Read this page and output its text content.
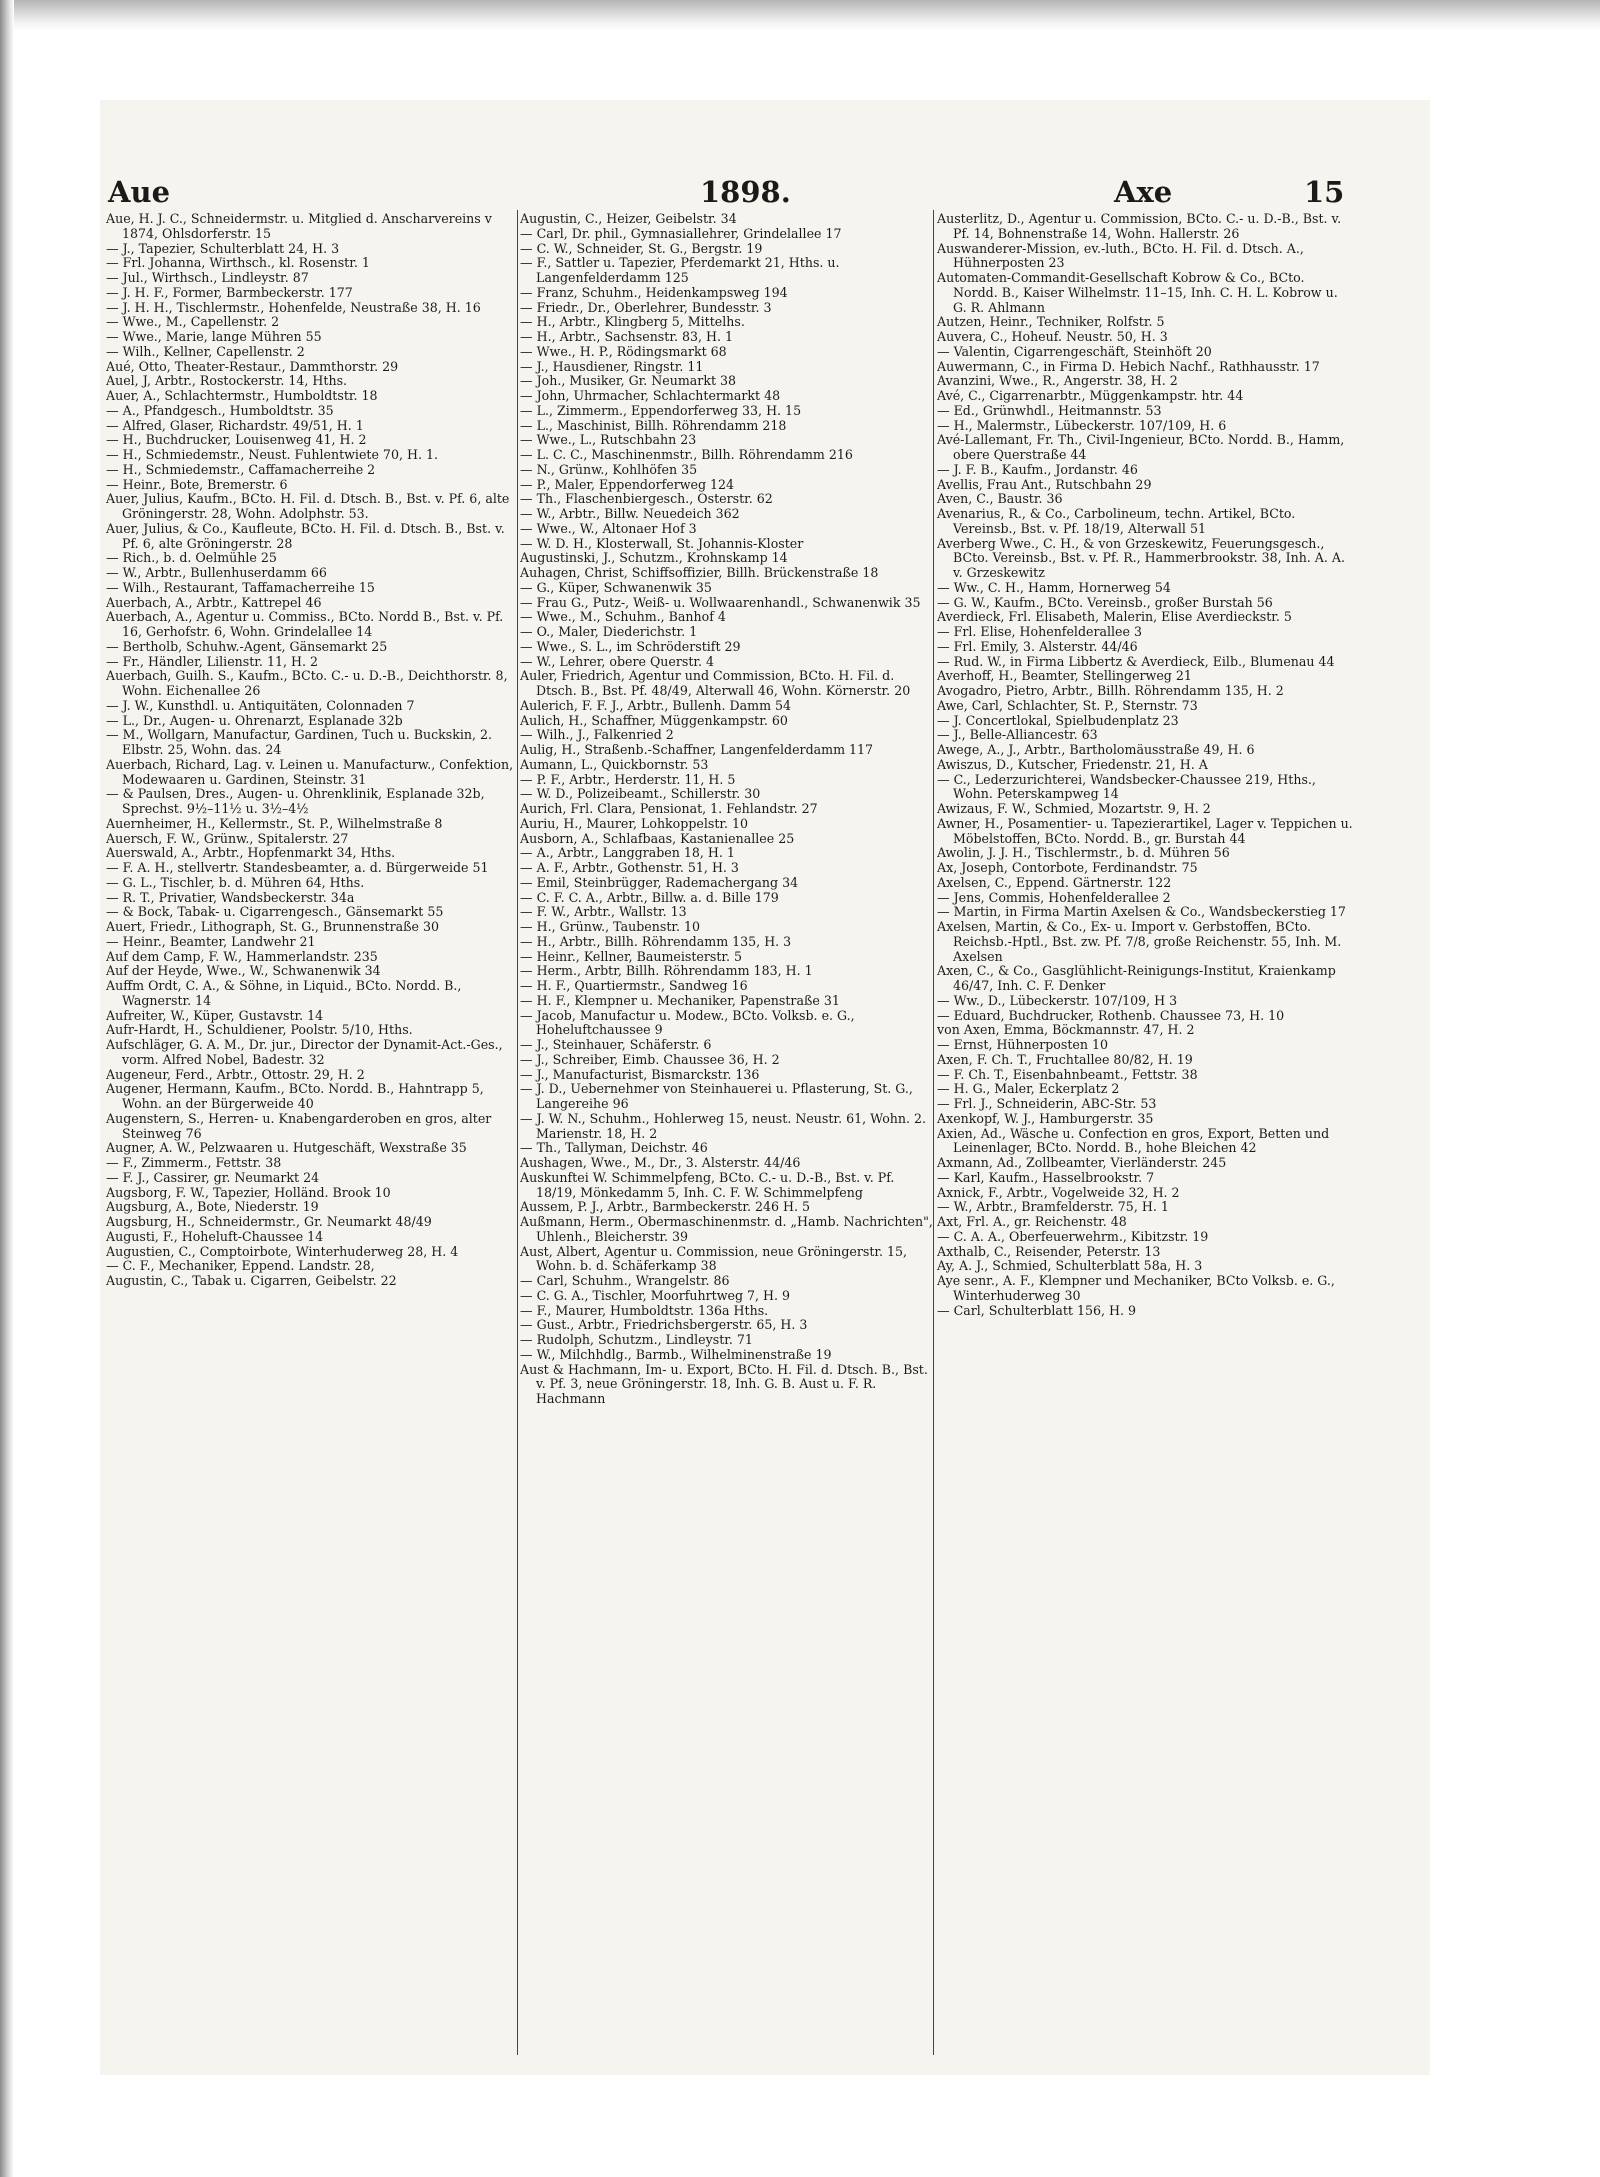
Aue	1898.	Axe	15
Aue, H. J. C., Schneidermstr. u. Mitglied d. Anscharvereins v 1874, Ohlsdorferstr. 15
— J., Tapezier, Schulterblatt 24, H. 3
— Frl. Johanna, Wirthsch., kl. Rosenstr. 1
— Jul., Wirthsch., Lindleystr. 87
— J. H. F., Former, Barmbeckerstr. 177
— J. H. H., Tischlermstr., Hohenfelde, Neustraße 38, H. 16
— Wwe., M., Capellenstr. 2
— Wwe., Marie, lange Mühren 55
— Wilh., Kellner, Capellenstr. 2
Aué, Otto, Theater-Restaur., Dammthorstr. 29
Auel, J, Arbtr., Rostockerstr. 14, Hths.
Auer, A., Schlachtermstr., Humboldtstr. 18
— A., Pfandgesch., Humboldtstr. 35
— Alfred, Glaser, Richardstr. 49/51, H. 1
— H., Buchdrucker, Louisenweg 41, H. 2
— H., Schmiedemstr., Neust. Fuhlentwiete 70, H. 1.
— H., Schmiedemstr., Caffamacherreihe 2
— Heinr., Bote, Bremerstr. 6
Auer, Julius, Kaufm., BCto. H. Fil. d. Dtsch. B., Bst. v. Pf. 6, alte Gröningerstr. 28, Wohn. Adolphstr. 53.
Auer, Julius, & Co., Kaufleute, BCto. H. Fil. d. Dtsch. B., Bst. v. Pf. 6, alte Gröningerstr. 28
— Rich., b. d. Oelmühle 25
— W., Arbtr., Bullenhuserdamm 66
— Wilh., Restaurant, Taffamacherreihe 15
Auerbach, A., Arbtr., Kattrepel 46
Auerbach, A., Agentur u. Commiss., BCto. Nordd B., Bst. v. Pf. 16, Gerhofstr. 6, Wohn. Grindelallee 14
— Bertholb, Schuhw.-Agent, Gänsemarkt 25
— Fr., Händler, Lilienstr. 11, H. 2
Auerbach, Guilh. S., Kaufm., BCto. C.- u. D.-B., Deichthorstr. 8, Wohn. Eichenallee 26
— J. W., Kunsthdl. u. Antiquitäten, Colonnaden 7
— L., Dr., Augen- u. Ohrenarzt, Esplanade 32b
— M., Wollgarn, Manufactur, Gardinen, Tuch u. Buckskin, 2. Elbstr. 25, Wohn. das. 24
Auerbach, Richard, Lag. v. Leinen u. Manufacturw., Confektion, Modewaaren u. Gardinen, Steinstr. 31
— & Paulsen, Dres., Augen- u. Ohrenklinik, Esplanade 32b, Sprechst. 9½–11½ u. 3½–4½
Auernheimer, H., Kellermstr., St. P., Wilhelmstraße 8
Auersch, F. W., Grünw., Spitalerstr. 27
Auerswald, A., Arbtr., Hopfenmarkt 34, Hths.
— F. A. H., stellvertr. Standesbeamter, a. d. Bürgerweide 51
— G. L., Tischler, b. d. Mühren 64, Hths.
— R. T., Privatier, Wandsbeckerstr. 34a
— & Bock, Tabak- u. Cigarrengesch., Gänsemarkt 55
Auert, Friedr., Lithograph, St. G., Brunnenstraße 30
— Heinr., Beamter, Landwehr 21
Auf dem Camp, F. W., Hammerlandstr. 235
Auf der Heyde, Wwe., W., Schwanenwik 34
Auffm Ordt, C. A., & Söhne, in Liquid., BCto. Nordd. B., Wagnerstr. 14
Aufreiter, W., Küper, Gustavstr. 14
Aufr-Hardt, H., Schuldiener, Poolstr. 5/10, Hths.
Aufschläger, G. A. M., Dr. jur., Director der Dynamit-Act.-Ges., vorm. Alfred Nobel, Badestr. 32
Augeneur, Ferd., Arbtr., Ottostr. 29, H. 2
Augener, Hermann, Kaufm., BCto. Nordd. B., Hahntrapp 5, Wohn. an der Bürgerweide 40
Augenstern, S., Herren- u. Knabengarderoben en gros, alter Steinweg 76
Augner, A. W., Pelzwaaren u. Hutgeschäft, Wexstraße 35
— F., Zimmerm., Fettstr. 38
— F. J., Cassirer, gr. Neumarkt 24
Augsborg, F. W., Tapezier, Holländ. Brook 10
Augsburg, A., Bote, Niederstr. 19
Augsburg, H., Schneidermstr., Gr. Neumarkt 48/49
Augusti, F., Hoheluft-Chaussee 14
Augustien, C., Comptoirbote, Winterhuderweg 28, H. 4
— C. F., Mechaniker, Eppend. Landstr. 28,
Augustin, C., Tabak u. Cigarren, Geibelstr. 22
Augustin, C., Heizer, Geibelstr. 34
— Carl, Dr. phil., Gymnasiallehrer, Grindelallee 17
— C. W., Schneider, St. G., Bergstr. 19
— F., Sattler u. Tapezier, Pferdemarkt 21, Hths. u. Langenfelderdamm 125
— Franz, Schuhm., Heidenkampsweg 194
— Friedr., Dr., Oberlehrer, Bundesstr. 3
— H., Arbtr., Klingberg 5, Mittelhs.
— H., Arbtr., Sachsenstr. 83, H. 1
— Wwe., H. P., Rödingsmarkt 68
— J., Hausdiener, Ringstr. 11
— Joh., Musiker, Gr. Neumarkt 38
— John, Uhrmacher, Schlachtermarkt 48
— L., Zimmerm., Eppendorferweg 33, H. 15
— L., Maschinist, Billh. Röhrendamm 218
— Wwe., L., Rutschbahn 23
— L. C. C., Maschinenmstr., Billh. Röhrendamm 216
— N., Grünw., Kohlhöfen 35
— P., Maler, Eppendorferweg 124
— Th., Flaschenbiergesch., Osterstr. 62
— W., Arbtr., Billw. Neuedeich 362
— Wwe., W., Altonaer Hof 3
— W. D. H., Klosterwall, St. Johannis-Kloster
Augustinski, J., Schutzm., Krohnskamp 14
Auhagen, Christ, Schiffsoffizier, Billh. Brückenstraße 18
— G., Küper, Schwanenwik 35
— Frau G., Putz-, Weiß- u. Wollwaarenhandl., Schwanenwik 35
— Wwe., M., Schuhm., Banhof 4
— O., Maler, Diederichstr. 1
— Wwe., S. L., im Schröderstift 29
— W., Lehrer, obere Querstr. 4
Auler, Friedrich, Agentur und Commission, BCto. H. Fil. d. Dtsch. B., Bst. Pf. 48/49, Alterwall 46, Wohn. Körnerstr. 20
Aulerich, F. F. J., Arbtr., Bullenh. Damm 54
Aulich, H., Schaffner, Müggenkampstr. 60
— Wilh., J., Falkenried 2
Aulig, H., Straßenb.-Schaffner, Langenfelderdamm 117
Aumann, L., Quickbornstr. 53
— P. F., Arbtr., Herderstr. 11, H. 5
— W. D., Polizeibeamt., Schillerstr. 30
Aurich, Frl. Clara, Pensionat, 1. Fehlandstr. 27
Auriu, H., Maurer, Lohkoppelstr. 10
Ausborn, A., Schlafbaas, Kastanienallee 25
— A., Arbtr., Langgraben 18, H. 1
— A. F., Arbtr., Gothenstr. 51, H. 3
— Emil, Steinbrügger, Rademachergang 34
— C. F. C. A., Arbtr., Billw. a. d. Bille 179
— F. W., Arbtr., Wallstr. 13
— H., Grünw., Taubenstr. 10
— H., Arbtr., Billh. Röhrendamm 135, H. 3
— Heinr., Kellner, Baumeisterstr. 5
— Herm., Arbtr, Billh. Röhrendamm 183, H. 1
— H. F., Quartiermstr., Sandweg 16
— H. F., Klempner u. Mechaniker, Papenstraße 31
— Jacob, Manufactur u. Modew., BCto. Volksb. e. G., Hoheluftchaussee 9
— J., Steinhauer, Schäferstr. 6
— J., Schreiber, Eimb. Chaussee 36, H. 2
— J., Manufacturist, Bismarckstr. 136
— J. D., Uebernehmer von Steinhauerei u. Pflasterung, St. G., Langereihe 96
— J. W. N., Schuhm., Hohlerweg 15, neust. Neustr. 61, Wohn. 2. Marienstr. 18, H. 2
— Th., Tallyman, Deichstr. 46
Aushagen, Wwe., M., Dr., 3. Alsterstr. 44/46
Auskunftei W. Schimmelpfeng, BCto. C.- u. D.-B., Bst. v. Pf. 18/19, Mönkedamm 5, Inh. C. F. W. Schimmelpfeng
Aussem, P. J., Arbtr., Barmbeckerstr. 246 H. 5
Außmann, Herm., Obermaschinenmstr. d. „Hamb. Nachrichten", Uhlenh., Bleicherstr. 39
Aust, Albert, Agentur u. Commission, neue Gröningerstr. 15, Wohn. b. d. Schäferkamp 38
— Carl, Schuhm., Wrangelstr. 86
— C. G. A., Tischler, Moorfuhrtweg 7, H. 9
— F., Maurer, Humboldtstr. 136a Hths.
— Gust., Arbtr., Friedrichsbergerstr. 65, H. 3
— Rudolph, Schutzm., Lindleystr. 71
— W., Milchhdlg., Barmb., Wilhelminenstraße 19
Aust & Hachmann, Im- u. Export, BCto. H. Fil. d. Dtsch. B., Bst. v. Pf. 3, neue Gröningerstr. 18, Inh. G. B. Aust u. F. R. Hachmann
Austerlitz, D., Agentur u. Commission, BCto. C.- u. D.-B., Bst. v. Pf. 14, Bohnenstraße 14, Wohn. Hallerstr. 26
Auswanderer-Mission, ev.-luth., BCto. H. Fil. d. Dtsch. A., Hühnerposten 23
Automaten-Commandit-Gesellschaft Kobrow & Co., BCto. Nordd. B., Kaiser Wilhelmstr. 11–15, Inh. C. H. L. Kobrow u. G. R. Ahlmann
Autzen, Heinr., Techniker, Rolfstr. 5
Auvera, C., Hoheuf. Neustr. 50, H. 3
— Valentin, Cigarrengeschäft, Steinhöft 20
Auwermann, C., in Firma D. Hebich Nachf., Rathhausstr. 17
Avanzini, Wwe., R., Angerstr. 38, H. 2
Avé, C., Cigarrenarbtr., Müggenkampstr. htr. 44
— Ed., Grünwhdl., Heitmannstr. 53
— H., Malermstr., Lübeckerstr. 107/109, H. 6
Avé-Lallemant, Fr. Th., Civil-Ingenieur, BCto. Nordd. B., Hamm, obere Querstraße 44
— J. F. B., Kaufm., Jordanstr. 46
Avellis, Frau Ant., Rutschbahn 29
Aven, C., Baustr. 36
Avenarius, R., & Co., Carbolineum, techn. Artikel, BCto. Vereinsb., Bst. v. Pf. 18/19, Alterwall 51
Averberg Wwe., C. H., & von Grzeskewitz, Feuerungsgesch., BCto. Vereinsb., Bst. v. Pf. R., Hammerbrookstr. 38, Inh. A. A. v. Grzeskewitz
— Ww., C. H., Hamm, Hornerweg 54
— G. W., Kaufm., BCto. Vereinsb., großer Burstah 56
Averdieck, Frl. Elisabeth, Malerin, Elise Averdieckstr. 5
— Frl. Elise, Hohenfelderallee 3
— Frl. Emily, 3. Alsterstr. 44/46
— Rud. W., in Firma Libbertz & Averdieck, Eilb., Blumenau 44
Averhoff, H., Beamter, Stellingerweg 21
Avogadro, Pietro, Arbtr., Billh. Röhrendamm 135, H. 2
Awe, Carl, Schlachter, St. P., Sternstr. 73
— J. Concertlokal, Spielbudenplatz 23
— J., Belle-Alliancestr. 63
Awege, A., J., Arbtr., Bartholomäusstraße 49, H. 6
Awiszus, D., Kutscher, Friedenstr. 21, H. A
— C., Lederzurichterei, Wandsbecker-Chaussee 219, Hths., Wohn. Peterskampweg 14
Awizaus, F. W., Schmied, Mozartstr. 9, H. 2
Awner, H., Posamentier- u. Tapezierartikel, Lager v. Teppichen u. Möbelstoffen, BCto. Nordd. B., gr. Burstah 44
Awolin, J. J. H., Tischlermstr., b. d. Mühren 56
Ax, Joseph, Contorbote, Ferdinandstr. 75
Axelsen, C., Eppend. Gärtnerstr. 122
— Jens, Commis, Hohenfelderallee 2
— Martin, in Firma Martin Axelsen & Co., Wandsbeckerstieg 17
Axelsen, Martin, & Co., Ex- u. Import v. Gerbstoffen, BCto. Reichsb.-Hptl., Bst. zw. Pf. 7/8, große Reichenstr. 55, Inh. M. Axelsen
Axen, C., & Co., Gasglühlicht-Reinigungs-Institut, Kraienkamp 46/47, Inh. C. F. Denker
— Ww., D., Lübeckerstr. 107/109, H 3
— Eduard, Buchdrucker, Rothenb. Chaussee 73, H. 10
von Axen, Emma, Böckmannstr. 47, H. 2
— Ernst, Hühnerposten 10
Axen, F. Ch. T., Fruchtallee 80/82, H. 19
— F. Ch. T., Eisenbahnbeamt., Fettstr. 38
— H. G., Maler, Eckerplatz 2
— Frl. J., Schneiderin, ABC-Str. 53
Axenkopf, W. J., Hamburgerstr. 35
Axien, Ad., Wäsche u. Confection en gros, Export, Betten und Leinenlager, BCto. Nordd. B., hohe Bleichen 42
Axmann, Ad., Zollbeamter, Vierländerstr. 245
— Karl, Kaufm., Hasselbrookstr. 7
Axnick, F., Arbtr., Vogelweide 32, H. 2
— W., Arbtr., Bramfelderstr. 75, H. 1
Axt, Frl. A., gr. Reichenstr. 48
— C. A. A., Oberfeuerwehrm., Kibitzstr. 19
Axthalb, C., Reisender, Peterstr. 13
Ay, A. J., Schmied, Schulterblatt 58a, H. 3
Aye senr., A. F., Klempner und Mechaniker, BCto Volksb. e. G., Winterhuderweg 30
— Carl, Schulterblatt 156, H. 9
